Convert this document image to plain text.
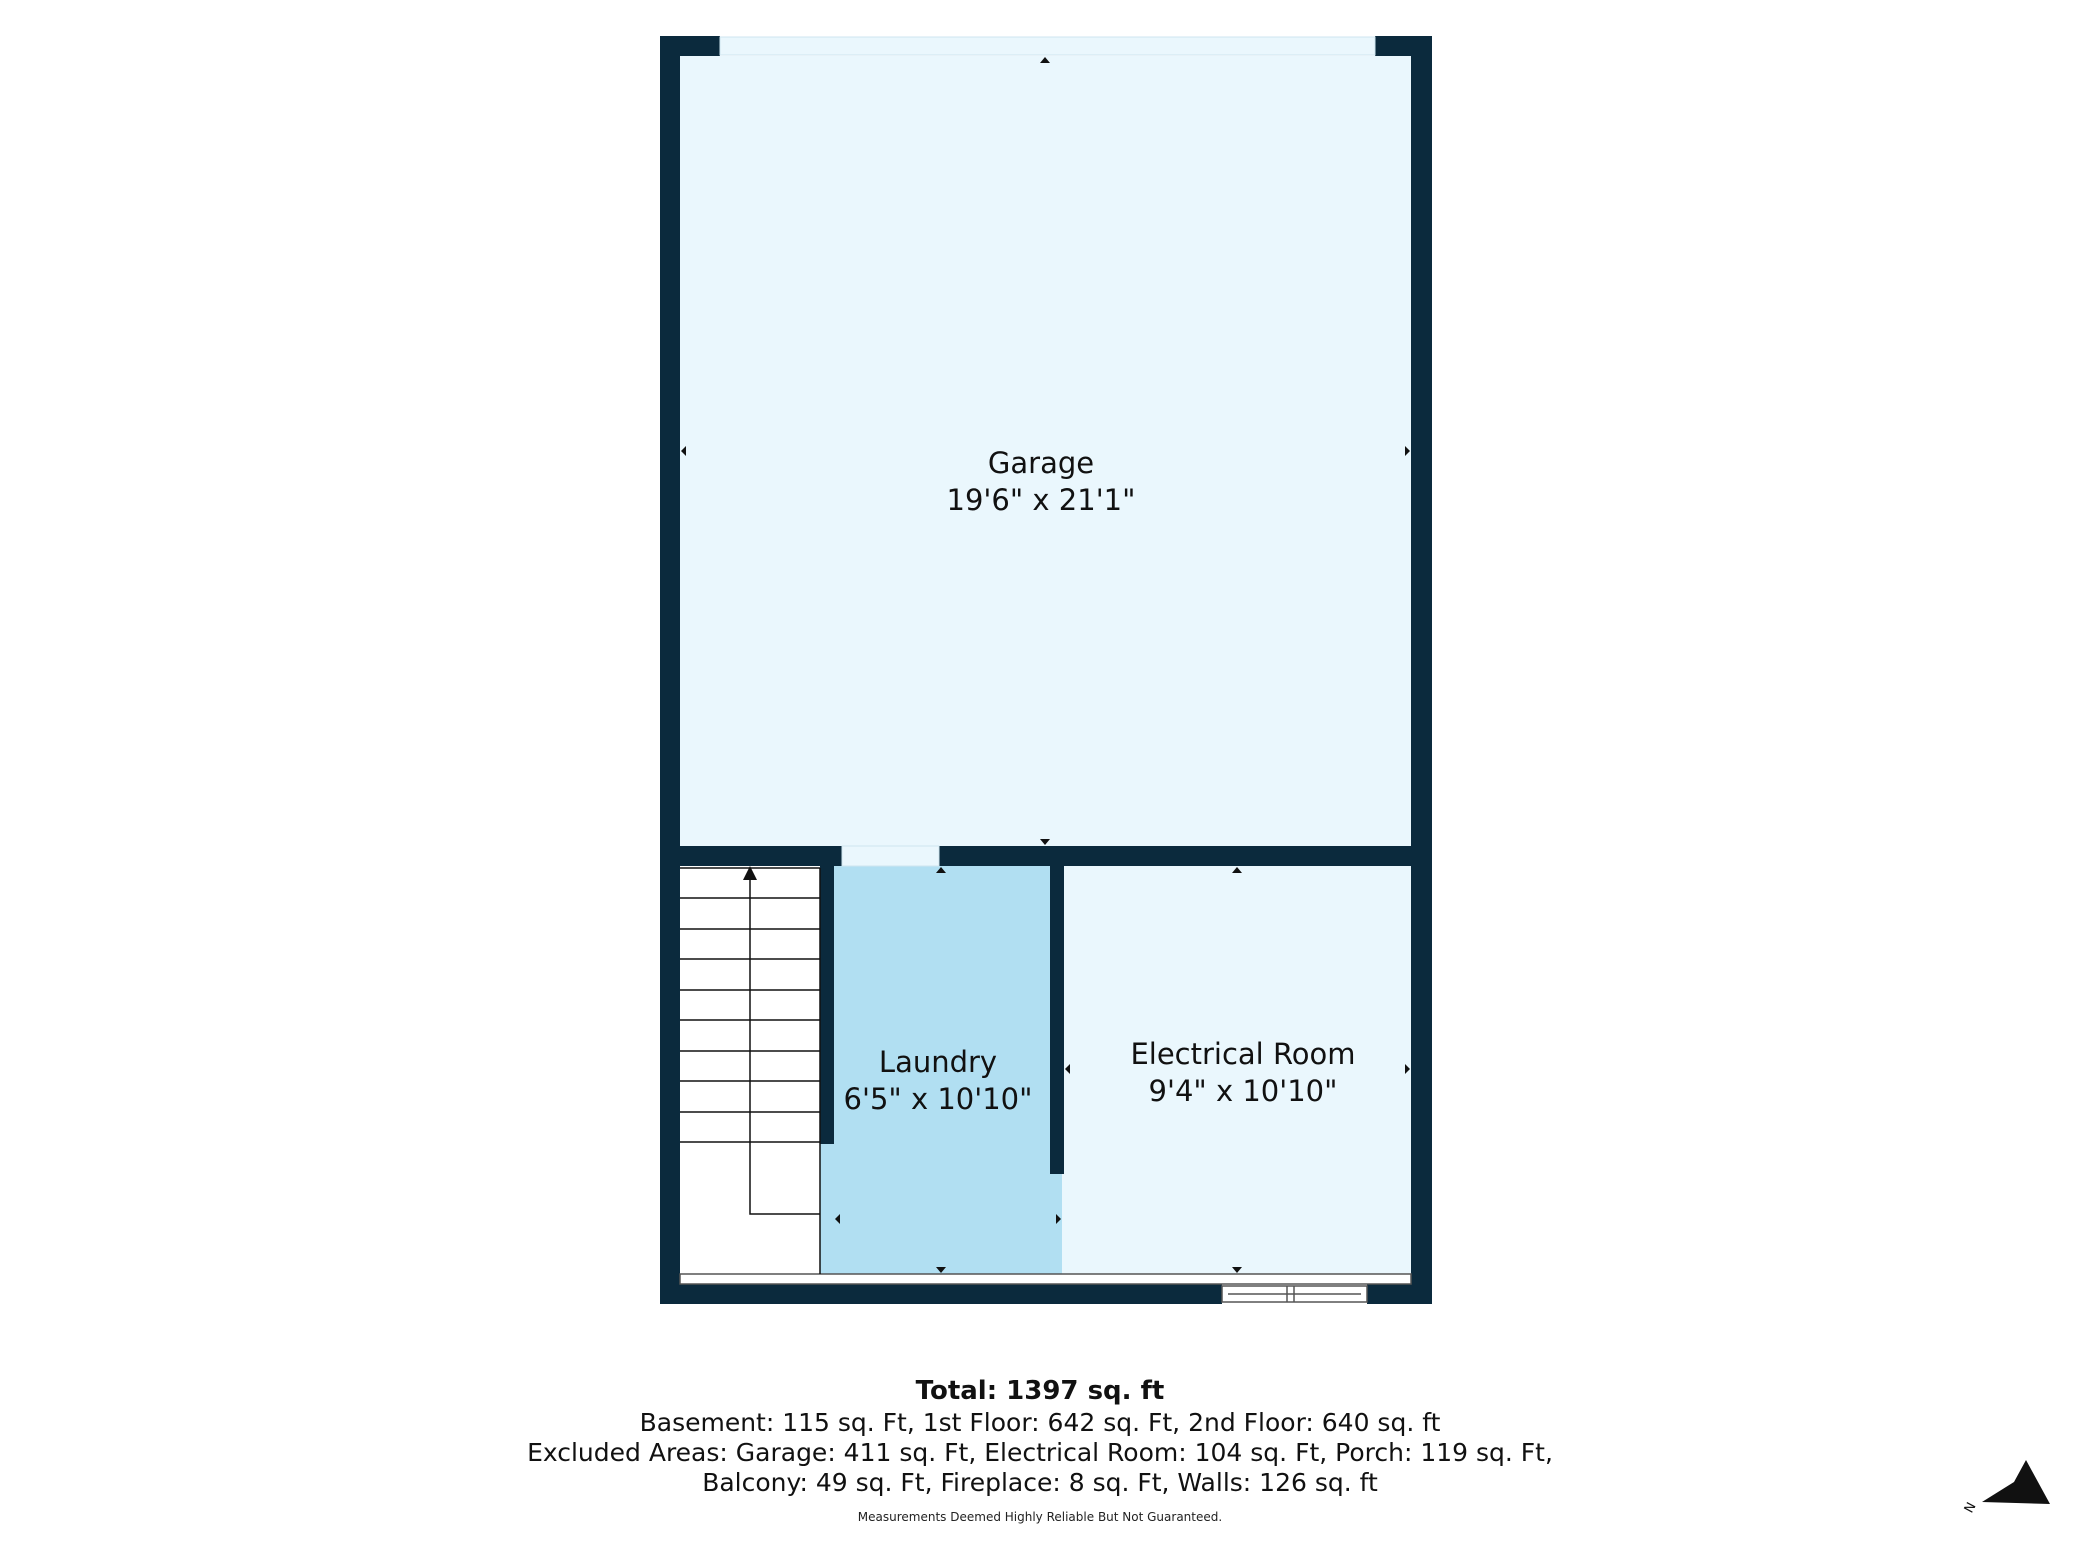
Garage
19'6" x 21'1"
Laundry
6'5" x 10'10"
Electrical Room
9'4" x 10'10"
N
Total: 1397 sq. ft
Basement: 115 sq. Ft, 1st Floor: 642 sq. Ft, 2nd Floor: 640 sq. ft
Excluded Areas: Garage: 411 sq. Ft, Electrical Room: 104 sq. Ft, Porch: 119 sq. Ft,
Balcony: 49 sq. Ft, Fireplace: 8 sq. Ft, Walls: 126 sq. ft
Measurements Deemed Highly Reliable But Not Guaranteed.
